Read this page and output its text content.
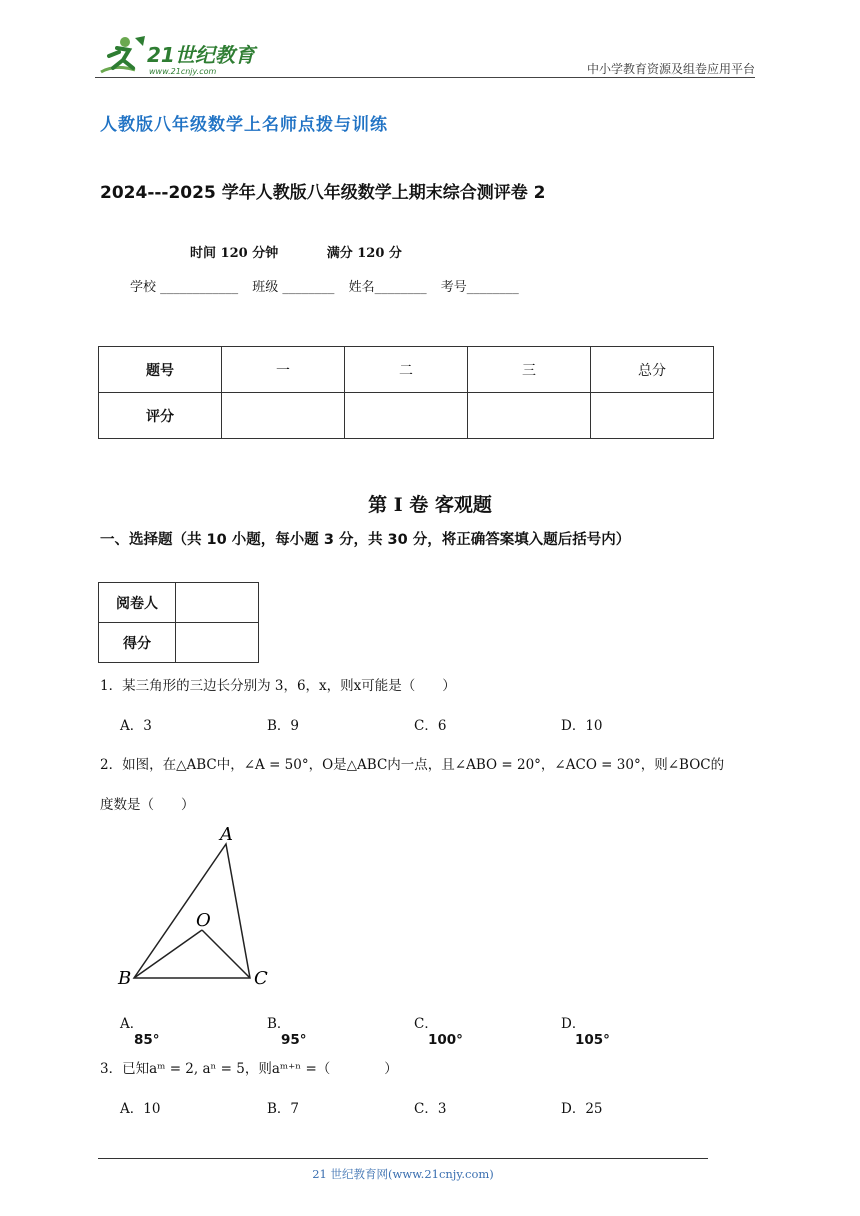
21世纪教育
www.21cnjy.com	中小学教育资源及组卷应用平台
人教版八年级数学上名师点拨与训练
2024---2025 学年人教版八年级数学上期末综合测评卷 2
时间 120 分钟	满分 120 分
学校 ____________ 班级 ________ 姓名________ 考号________
题号	一	二	三	总分
评分				
第 I 卷 客观题
一、选择题（共 10 小题，每小题 3 分，共 30 分，将正确答案填入题后括号内）
阅卷人	
得分	
1．某三角形的三边长分别为 3，6，x，则x可能是（　　）
A．3	B．9	C．6	D．10
2．如图，在△ABC中，∠A = 50°，O是△ABC内一点，且∠ABO = 20°，∠ACO = 30°，则∠BOC的
度数是（　　）
A
B	C
O
A．85°
B．95°
C．100°
D．105°
3．已知aᵐ = 2, aⁿ = 5，则aᵐ⁺ⁿ =（　　　　）
A．10	B．7	C．3	D．25
21 世纪教育网(www.21cnjy.com)
